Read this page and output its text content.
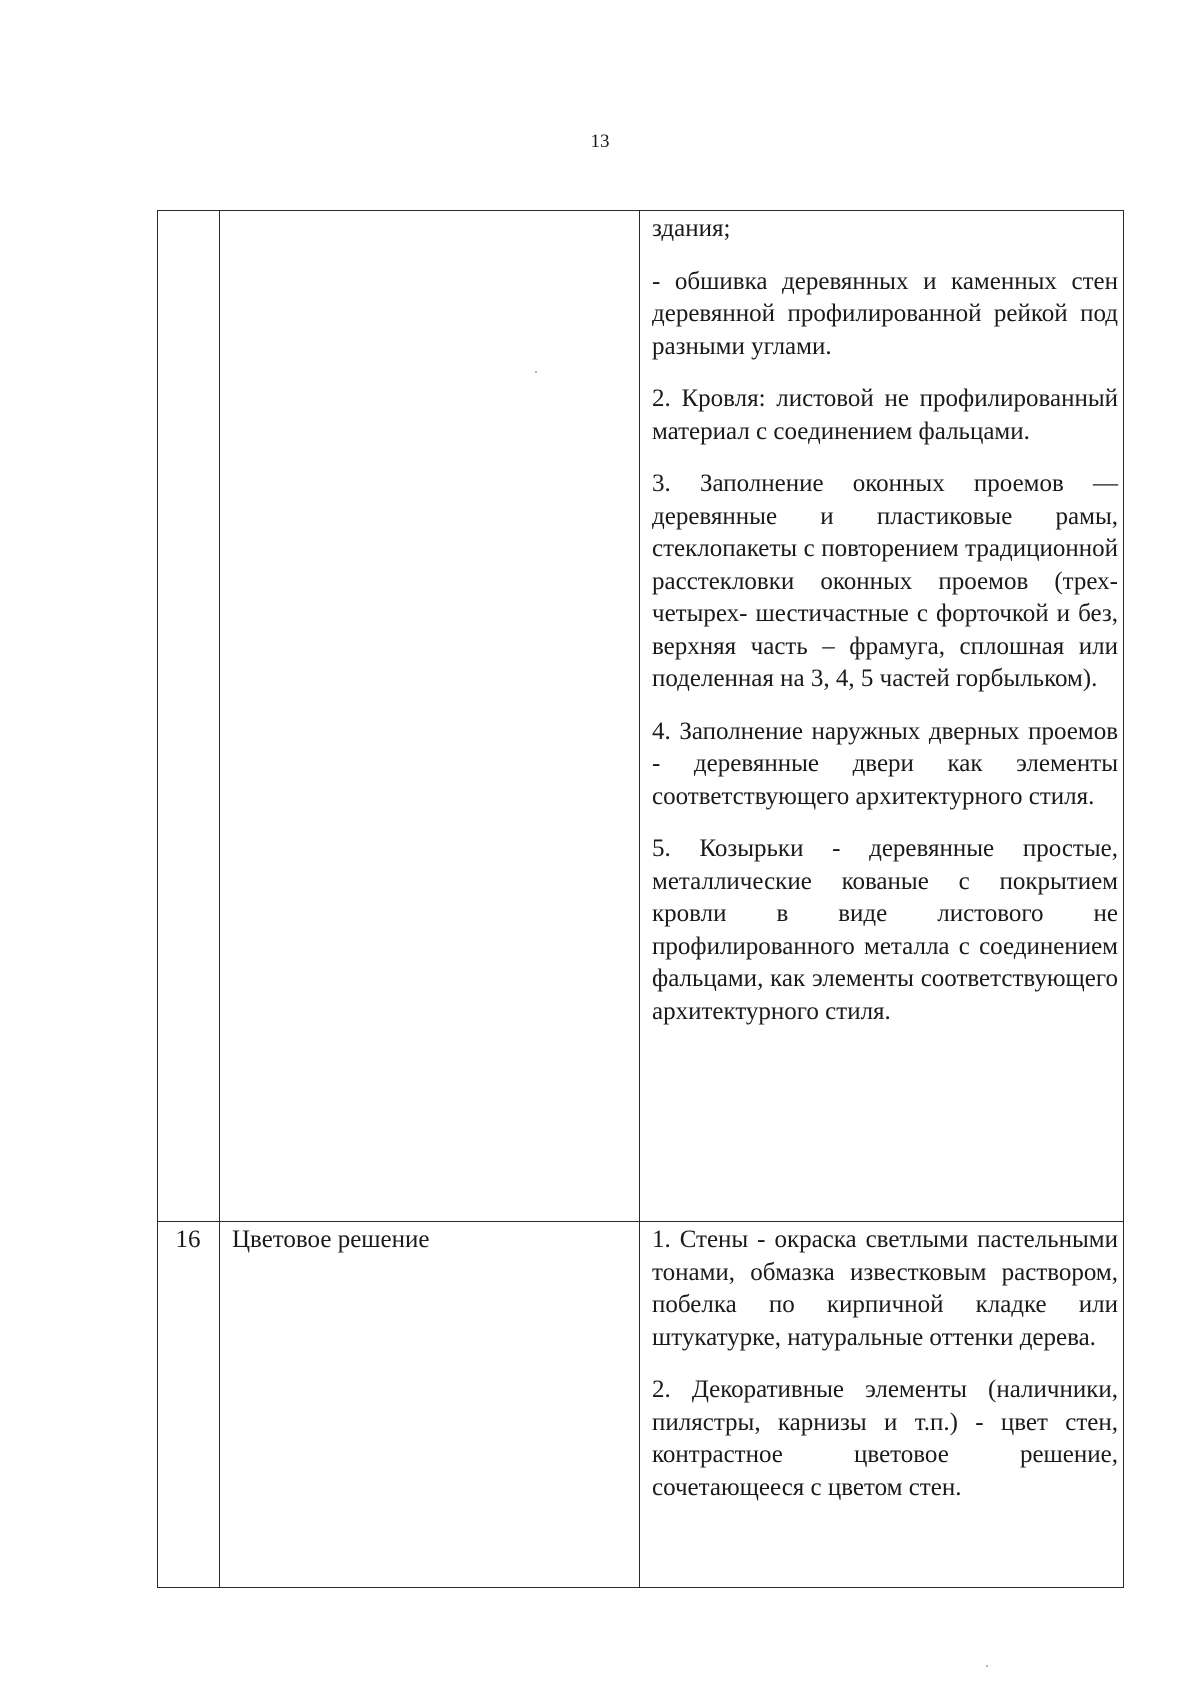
13

здания;

- обшивка деревянных и каменных стен деревянной профилированной рейкой под разными углами.

2. Кровля: листовой не профилированный материал с соединением фальцами.

3. Заполнение оконных проемов — деревянные и пластиковые рамы, стеклопакеты с повторением традиционной расстекловки оконных проемов (трех- четырех- шестичастные с форточкой и без, верхняя часть – фрамуга, сплошная или поделенная на 3, 4, 5 частей горбыльком).

4. Заполнение наружных дверных проемов - деревянные двери как элементы соответствующего архитектурного стиля.

5. Козырьки - деревянные простые, металлические кованые с покрытием кровли в виде листового не профилированного металла с соединением фальцами, как элементы соответствующего архитектурного стиля.

16	Цветовое решение	1. Стены - окраска светлыми пастельными тонами, обмазка известковым раствором, побелка по кирпичной кладке или штукатурке, натуральные оттенки дерева.

2. Декоративные элементы (наличники, пилястры, карнизы и т.п.) - цвет стен, контрастное цветовое решение, сочетающееся с цветом стен.
